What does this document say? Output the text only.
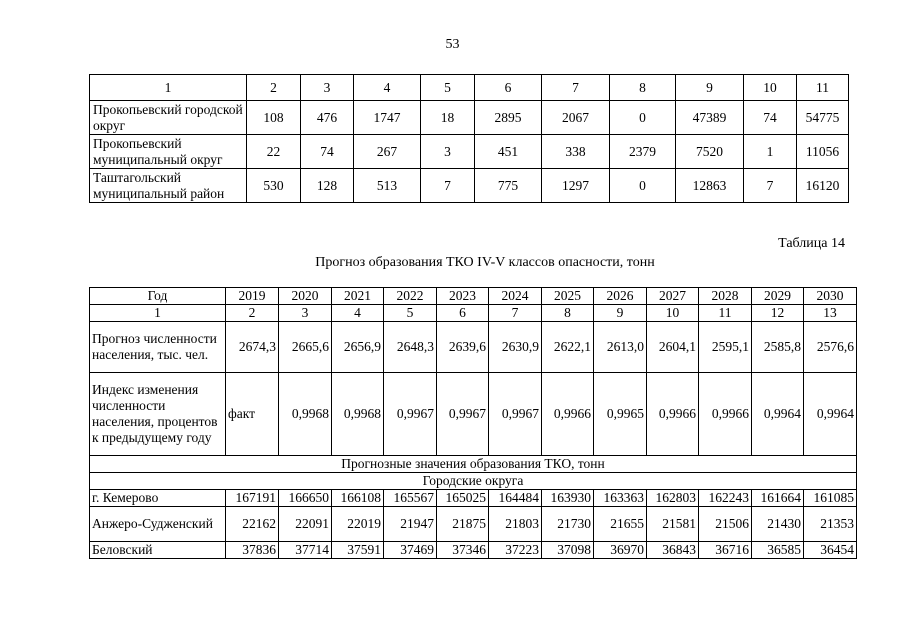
53
1	2	3	4	5	6	7	8	9	10	11
Прокопьевский городской округ	108	476	1747	18	2895	2067	0	47389	74	54775
Прокопьевский муниципальный округ	22	74	267	3	451	338	2379	7520	1	11056
Таштагольский муниципальный район	530	128	513	7	775	1297	0	12863	7	16120
Таблица 14
Прогноз образования ТКО IV-V классов опасности, тонн
Год	2019	2020	2021	2022	2023	2024	2025	2026	2027	2028	2029	2030
1	2	3	4	5	6	7	8	9	10	11	12	13
Прогноз численности населения, тыс. чел.	2674,3	2665,6	2656,9	2648,3	2639,6	2630,9	2622,1	2613,0	2604,1	2595,1	2585,8	2576,6
Индекс изменения численности населения, процентов к предыдущему году	факт	0,9968	0,9968	0,9967	0,9967	0,9967	0,9966	0,9965	0,9966	0,9966	0,9964	0,9964
Прогнозные значения образования ТКО, тонн												
Городские округа												
г. Кемерово	167191	166650	166108	165567	165025	164484	163930	163363	162803	162243	161664	161085
Анжеро-Судженский	22162	22091	22019	21947	21875	21803	21730	21655	21581	21506	21430	21353
Беловский	37836	37714	37591	37469	37346	37223	37098	36970	36843	36716	36585	36454
